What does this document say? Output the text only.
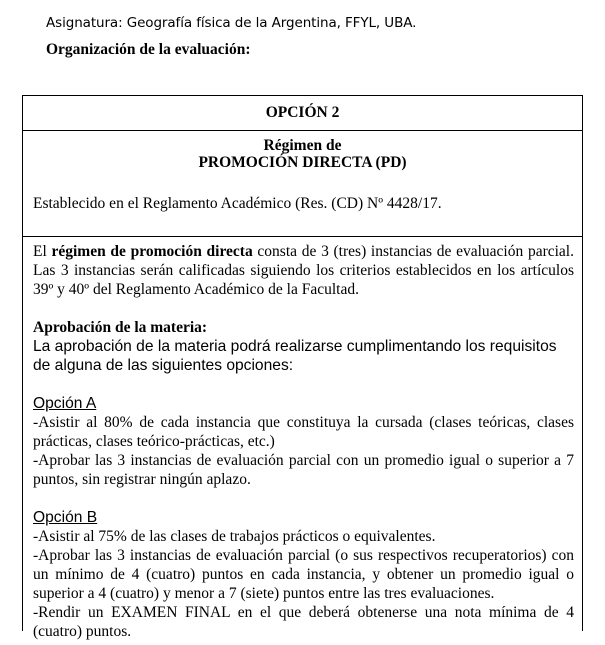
Asignatura: Geografía física de la Argentina, FFYL, UBA.
Organización de la evaluación:
OPCIÓN 2
Régimen de
PROMOCIÓN DIRECTA (PD)
Establecido en el Reglamento Académico (Res. (CD) Nº 4428/17.
El régimen de promoción directa consta de 3 (tres) instancias de evaluación parcial. Las 3 instancias serán calificadas siguiendo los criterios establecidos en los artículos 39º y 40º del Reglamento Académico de la Facultad.
Aprobación de la materia:
La aprobación de la materia podrá realizarse cumplimentando los requisitos de alguna de las siguientes opciones:
Opción A
-Asistir al 80% de cada instancia que constituya la cursada (clases teóricas, clases prácticas, clases teórico-prácticas, etc.)
-Aprobar las 3 instancias de evaluación parcial con un promedio igual o superior a 7 puntos, sin registrar ningún aplazo.
Opción B
-Asistir al 75% de las clases de trabajos prácticos o equivalentes.
-Aprobar las 3 instancias de evaluación parcial (o sus respectivos recuperatorios) con un mínimo de 4 (cuatro) puntos en cada instancia, y obtener un promedio igual o superior a 4 (cuatro) y menor a 7 (siete) puntos entre las tres evaluaciones.
-Rendir un EXAMEN FINAL en el que deberá obtenerse una nota mínima de 4 (cuatro) puntos.
